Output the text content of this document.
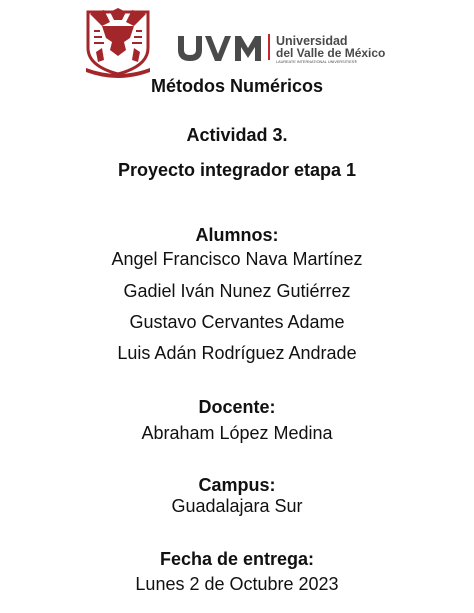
Universidad
del Valle de México
LAUREATE INTERNATIONAL UNIVERSITIES®
Métodos Numéricos
Actividad 3.
Proyecto integrador etapa 1
Alumnos:
Angel Francisco Nava Martínez
Gadiel Iván Nunez Gutiérrez
Gustavo Cervantes Adame
Luis Adán Rodríguez Andrade
Docente:
Abraham López Medina
Campus:
Guadalajara Sur
Fecha de entrega:
Lunes 2 de Octubre 2023
